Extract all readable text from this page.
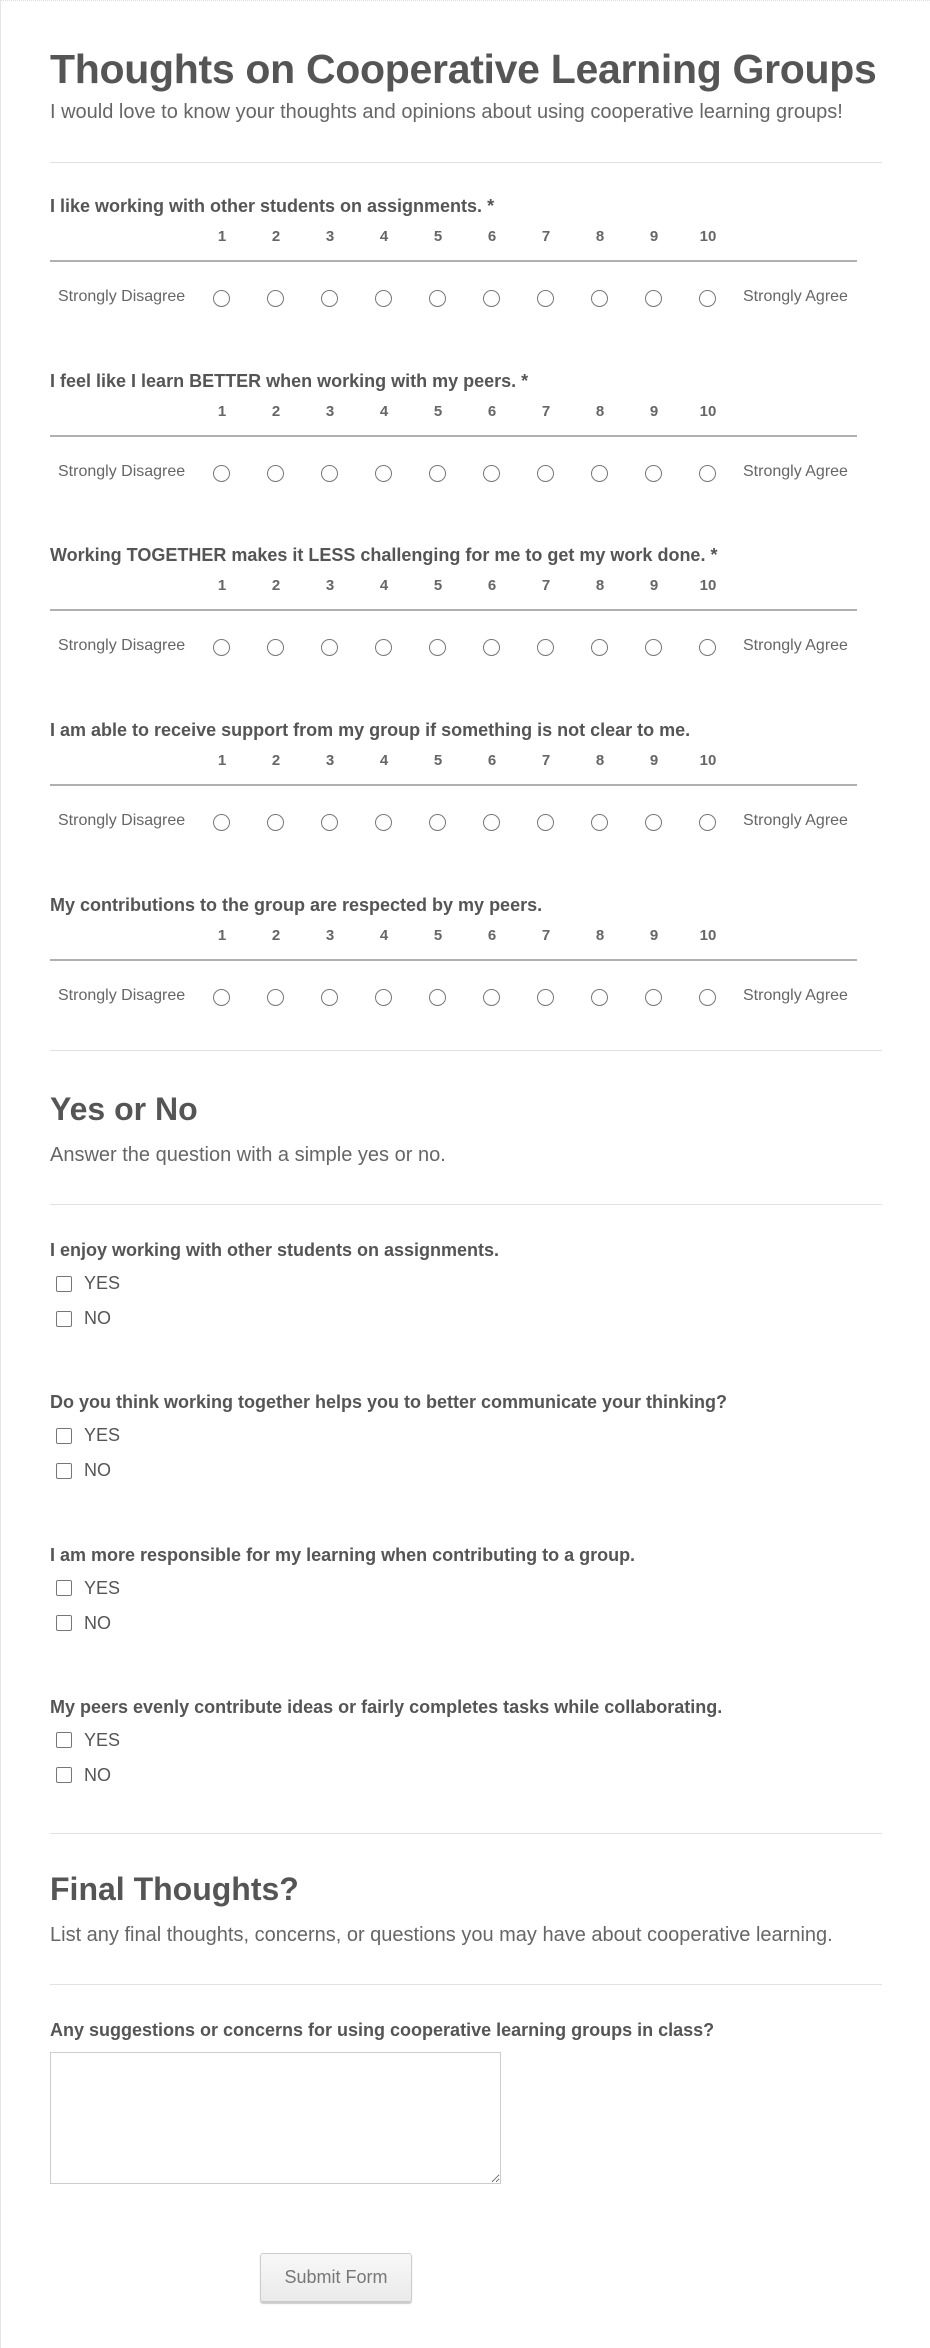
Thoughts on Cooperative Learning Groups
I would love to know your thoughts and opinions about using cooperative learning groups!
I like working with other students on assignments. *
1	2	3	4	5	6	7	8	9	10
Strongly Disagree	Strongly Agree
I feel like I learn BETTER when working with my peers. *
1	2	3	4	5	6	7	8	9	10
Strongly Disagree	Strongly Agree
Working TOGETHER makes it LESS challenging for me to get my work done. *
1	2	3	4	5	6	7	8	9	10
Strongly Disagree	Strongly Agree
I am able to receive support from my group if something is not clear to me.
1	2	3	4	5	6	7	8	9	10
Strongly Disagree	Strongly Agree
My contributions to the group are respected by my peers.
1	2	3	4	5	6	7	8	9	10
Strongly Disagree	Strongly Agree
Yes or No
Answer the question with a simple yes or no.
I enjoy working with other students on assignments.
YES
NO
Do you think working together helps you to better communicate your thinking?
YES
NO
I am more responsible for my learning when contributing to a group.
YES
NO
My peers evenly contribute ideas or fairly completes tasks while collaborating.
YES
NO
Final Thoughts?
List any final thoughts, concerns, or questions you may have about cooperative learning.
Any suggestions or concerns for using cooperative learning groups in class?
Submit Form
